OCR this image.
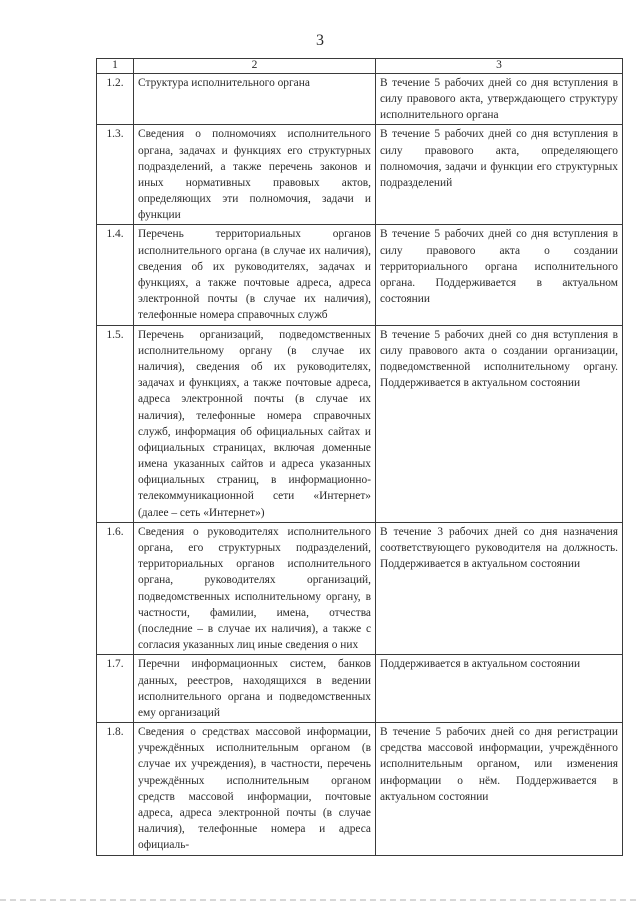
3
1	2	3
1.2.	Структура исполнительного органа	В течение 5 рабочих дней со дня вступления в силу правового акта, утверждающего структуру исполнительного органа
1.3.	Сведения о полномочиях исполнительного органа, задачах и функциях его структурных подразделений, а также перечень законов и иных нормативных правовых актов, определяющих эти полномочия, задачи и функции	В течение 5 рабочих дней со дня вступления в силу правового акта, определяющего полномочия, задачи и функции его структурных подразделений
1.4.	Перечень территориальных органов исполнительного органа (в случае их наличия), сведения об их руководителях, задачах и функциях, а также почтовые адреса, адреса электронной почты (в случае их наличия), телефонные номера справочных служб	В течение 5 рабочих дней со дня вступления в силу правового акта о создании территориального органа исполнительного органа. Поддерживается в актуальном состоянии
1.5.	Перечень организаций, подведомственных исполнительному органу (в случае их наличия), сведения об их руководителях, задачах и функциях, а также почтовые адреса, адреса электронной почты (в случае их наличия), телефонные номера справочных служб, информация об официальных сайтах и официальных страницах, включая доменные имена указанных сайтов и адреса указанных официальных страниц, в информационно-телекоммуникационной сети «Интернет» (далее – сеть «Интернет»)	В течение 5 рабочих дней со дня вступления в силу правового акта о создании организации, подведомственной исполнительному органу. Поддерживается в актуальном состоянии
1.6.	Сведения о руководителях исполнительного органа, его структурных подразделений, территориальных органов исполнительного органа, руководителях организаций, подведомственных исполнительному органу, в частности, фамилии, имена, отчества (последние – в случае их наличия), а также с согласия указанных лиц иные сведения о них	В течение 3 рабочих дней со дня назначения соответствующего руководителя на должность. Поддерживается в актуальном состоянии
1.7.	Перечни информационных систем, банков данных, реестров, находящихся в ведении исполнительного органа и подведомственных ему организаций	Поддерживается в актуальном состоянии
1.8.	Сведения о средствах массовой информации, учреждённых исполнительным органом (в случае их учреждения), в частности, перечень учреждённых исполнительным органом средств массовой информации, почтовые адреса, адреса электронной почты (в случае наличия), телефонные номера и адреса официаль-	В течение 5 рабочих дней со дня регистрации средства массовой информации, учреждённого исполнительным органом, или изменения информации о нём. Поддерживается в актуальном состоянии
